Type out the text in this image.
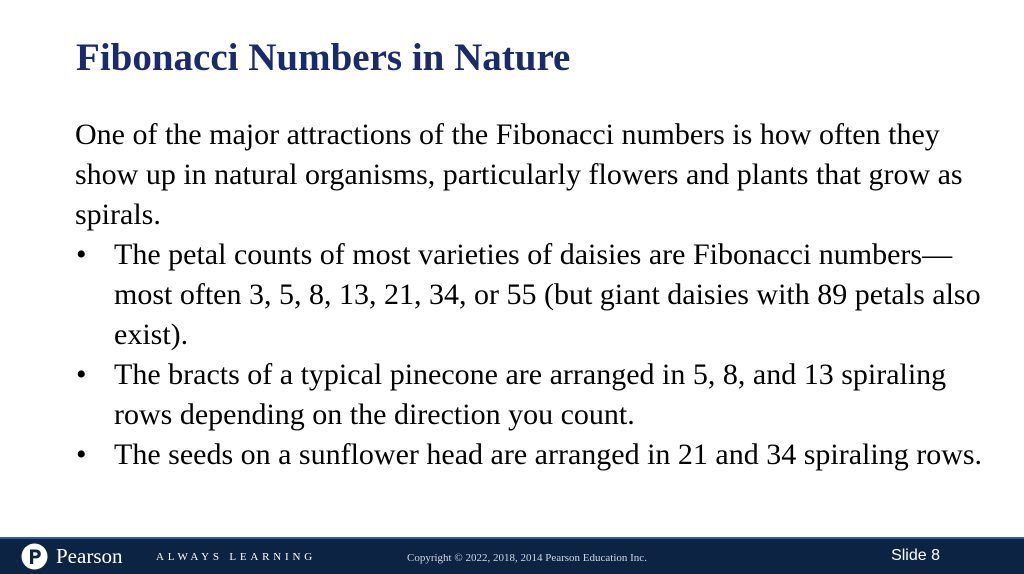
Fibonacci Numbers in Nature

One of the major attractions of the Fibonacci numbers is how often they show up in natural organisms, particularly flowers and plants that grow as spirals.

• The petal counts of most varieties of daisies are Fibonacci numbers—most often 3, 5, 8, 13, 21, 34, or 55 (but giant daisies with 89 petals also exist).
• The bracts of a typical pinecone are arranged in 5, 8, and 13 spiraling rows depending on the direction you count.
• The seeds on a sunflower head are arranged in 21 and 34 spiraling rows.
Pearson	ALWAYS LEARNING	Copyright © 2022, 2018, 2014 Pearson Education Inc.	Slide 8
